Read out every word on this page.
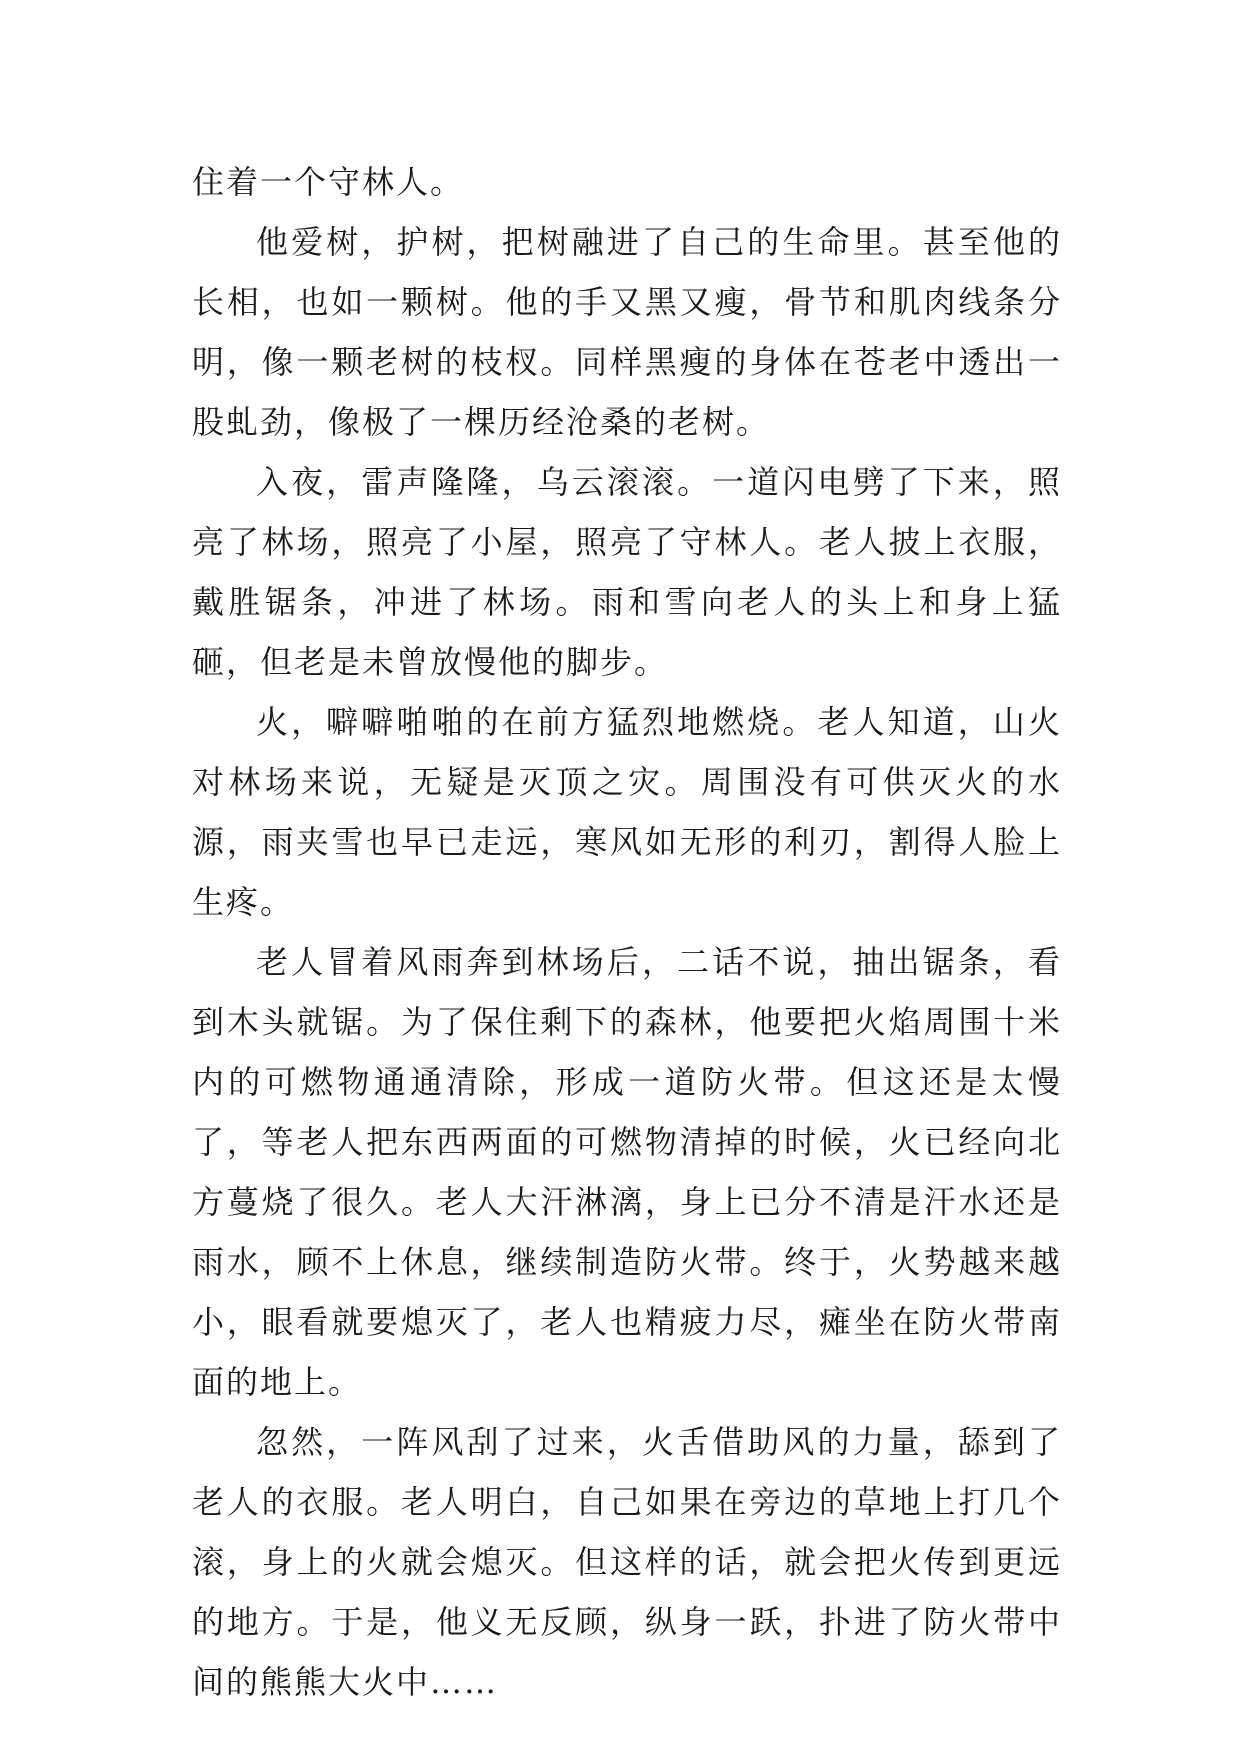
住着一个守林人。

他爱树，护树，把树融进了自己的生命里。甚至他的长相，也如一颗树。他的手又黑又瘦，骨节和肌肉线条分明，像一颗老树的枝杈。同样黑瘦的身体在苍老中透出一股虬劲，像极了一棵历经沧桑的老树。

入夜，雷声隆隆，乌云滚滚。一道闪电劈了下来，照亮了林场，照亮了小屋，照亮了守林人。老人披上衣服，戴胜锯条，冲进了林场。雨和雪向老人的头上和身上猛砸，但老是未曾放慢他的脚步。

火，噼噼啪啪的在前方猛烈地燃烧。老人知道，山火对林场来说，无疑是灭顶之灾。周围没有可供灭火的水源，雨夹雪也早已走远，寒风如无形的利刃，割得人脸上生疼。

老人冒着风雨奔到林场后，二话不说，抽出锯条，看到木头就锯。为了保住剩下的森林，他要把火焰周围十米内的可燃物通通清除，形成一道防火带。但这还是太慢了，等老人把东西两面的可燃物清掉的时候，火已经向北方蔓烧了很久。老人大汗淋漓，身上已分不清是汗水还是雨水，顾不上休息，继续制造防火带。终于，火势越来越小，眼看就要熄灭了，老人也精疲力尽，瘫坐在防火带南面的地上。

忽然，一阵风刮了过来，火舌借助风的力量，舔到了老人的衣服。老人明白，自己如果在旁边的草地上打几个滚，身上的火就会熄灭。但这样的话，就会把火传到更远的地方。于是，他义无反顾，纵身一跃，扑进了防火带中间的熊熊大火中……
